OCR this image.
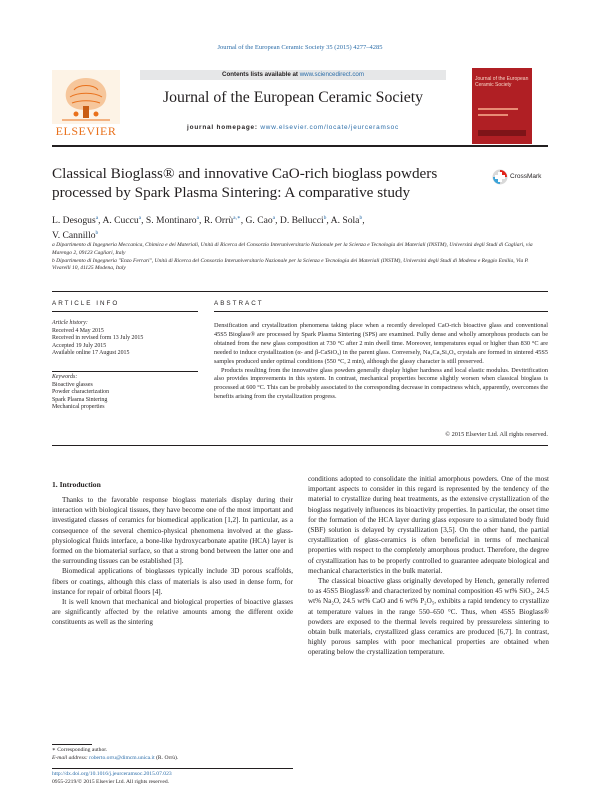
Journal of the European Ceramic Society 35 (2015) 4277–4285
ELSEVIER
Contents lists available at www.sciencedirect.com
Journal of the European Ceramic Society
journal homepage: www.elsevier.com/locate/jeurceramsoc
Journal of the European Ceramic Society
Classical Bioglass® and innovative CaO-rich bioglass powders
processed by Spark Plasma Sintering: A comparative study
CrossMark
L. Desogus$^a$, A. Cuccu$^a$, S. Montinaro$^a$, R. Orrù$^{a,∗}$, G. Cao$^a$, D. Bellucci$^b$, A. Sola$^b$,
V. Cannillo$^b$
a Dipartimento di Ingegneria Meccanica, Chimica e dei Materiali, Unità di Ricerca del Consorzio Interuniversitario Nazionale per la Scienza e Tecnologia dei Materiali (INSTM), Università degli Studi di Cagliari, via Marengo 2, 09123 Cagliari, Italy
b Dipartimento di Ingegneria "Enzo Ferrari", Unità di Ricerca del Consorzio Interuniversitario Nazionale per la Scienza e Tecnologia dei Materiali (INSTM), Università degli Studi di Modena e Reggio Emilia, Via P. Vivarelli 10, 41125 Modena, Italy
ARTICLE INFO	ABSTRACT
Article history:
Received 4 May 2015
Received in revised form 13 July 2015
Accepted 19 July 2015
Available online 17 August 2015
Keywords:
Bioactive glasses
Powder characterization
Spark Plasma Sintering
Mechanical properties

Densification and crystallization phenomena taking place when a recently developed CaO-rich bioactive glass and conventional 45S5 Bioglass® are processed by Spark Plasma Sintering (SPS) are examined. Fully dense and wholly amorphous products can be obtained from the new glass composition at 730 °C after 2 min dwell time. Moreover, temperatures equal or higher than 830 °C are needed to induce crystallization (α- and β-CaSiO₃) in the parent glass. Conversely, Na₂Ca₂Si₃O₉ crystals are formed in sintered 45S5 samples produced under optimal conditions (550 °C, 2 min), although the glassy character is still preserved.

Products resulting from the innovative glass powders generally display higher hardness and local elastic modulus. Devitrification also provides improvements in this system. In contrast, mechanical properties become slightly worsen when classical bioglass is processed at 600 °C. This can be probably associated to the corresponding decrease in compactness which, apparently, overcomes the benefits arising from the crystallization progress.

© 2015 Elsevier Ltd. All rights reserved.
1. Introduction

Thanks to the favorable response bioglass materials display during their interaction with biological tissues, they have become one of the most important and investigated classes of ceramics for biomedical application [1,2]. In particular, as a consequence of the several chemico-physical phenomena involved at the glass-physiological fluids interface, a bone-like hydroxycarbonate apatite (HCA) layer is formed on the biomaterial surface, so that a strong bond between the latter one and the surrounding tissues can be established [3].

Biomedical applications of bioglasses typically include 3D porous scaffolds, fibers or coatings, although this class of materials is also used in dense form, for instance for repair of orbital floors [4].

It is well known that mechanical and biological properties of bioactive glasses are significantly affected by the relative amounts among the different oxide constituents as well as the sintering

conditions adopted to consolidate the initial amorphous powders. One of the most important aspects to consider in this regard is represented by the tendency of the material to crystallize during heat treatments, as the extensive crystallization of the bioglass negatively influences its bioactivity properties. In particular, the onset time for the formation of the HCA layer during glass exposure to a simulated body fluid (SBF) solution is delayed by crystallization [3,5]. On the other hand, the partial crystallization of glass-ceramics is often beneficial in terms of mechanical properties with respect to the completely amorphous product. Therefore, the degree of crystallization has to be properly controlled to guarantee adequate biological and mechanical characteristics in the bulk material.

The classical bioactive glass originally developed by Hench, generally referred to as 45S5 Bioglass® and characterized by nominal composition 45 wt% SiO₂, 24.5 wt% Na₂O, 24.5 wt% CaO and 6 wt% P₂O₅, exhibits a rapid tendency to crystallize at temperature values in the range 550–650 °C. Thus, when 45S5 Bioglass® powders are exposed to the thermal levels required by pressureless sintering to obtain bulk materials, crystallized glass ceramics are produced [6,7]. In contrast, highly porous samples with poor mechanical properties are obtained when operating below the crystallization temperature.

∗ Corresponding author.
E-mail address: roberto.orru@dimcm.unica.it (R. Orrù).
http://dx.doi.org/10.1016/j.jeurceramsoc.2015.07.023
0955-2219/© 2015 Elsevier Ltd. All rights reserved.
